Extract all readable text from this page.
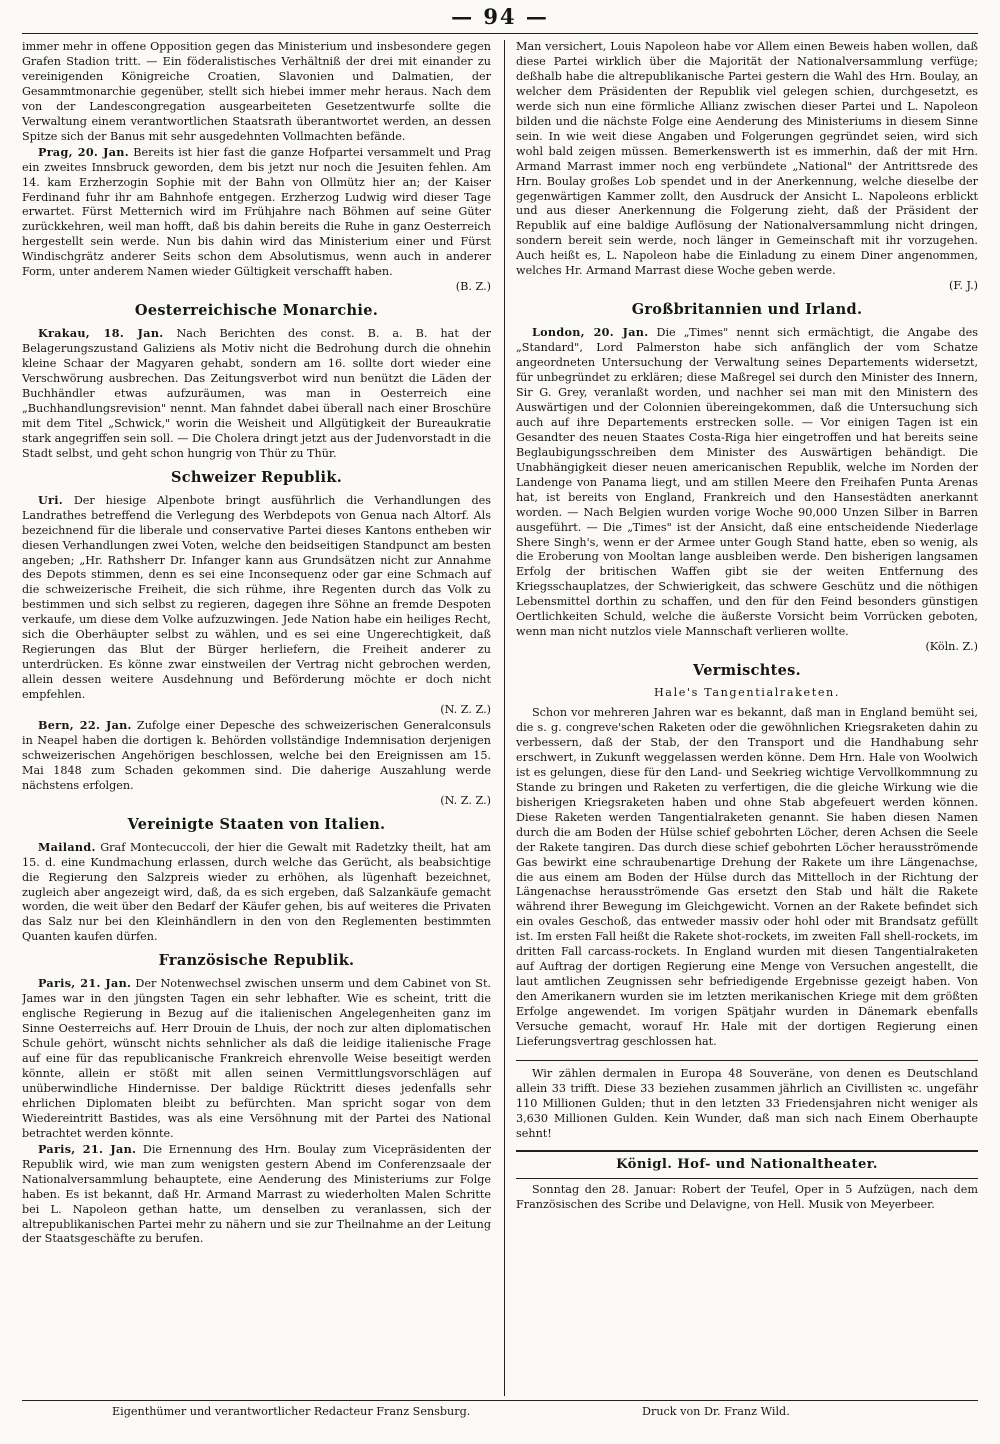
— 94 —

immer mehr in offene Opposition gegen das Ministerium und insbesondere gegen Grafen Stadion tritt. — Ein föderalistisches Verhältniß der drei mit einander zu vereinigenden Königreiche Croatien, Slavonien und Dalmatien, der Gesammtmonarchie gegenüber, stellt sich hiebei immer mehr heraus. Nach dem von der Landescongregation ausgearbeiteten Gesetzentwurfe sollte die Verwaltung einem verantwortlichen Staatsrath überantwortet werden, an dessen Spitze sich der Banus mit sehr ausgedehnten Vollmachten befände.

Prag, 20. Jan. Bereits ist hier fast die ganze Hofpartei versammelt und Prag ein zweites Innsbruck geworden, dem bis jetzt nur noch die Jesuiten fehlen. Am 14. kam Erzherzogin Sophie mit der Bahn von Ollmütz hier an; der Kaiser Ferdinand fuhr ihr am Bahnhofe entgegen. Erzherzog Ludwig wird dieser Tage erwartet. Fürst Metternich wird im Frühjahre nach Böhmen auf seine Güter zurückkehren, weil man hofft, daß bis dahin bereits die Ruhe in ganz Oesterreich hergestellt sein werde. Nun bis dahin wird das Ministerium einer und Fürst Windischgrätz anderer Seits schon dem Absolutismus, wenn auch in anderer Form, unter anderem Namen wieder Gültigkeit verschafft haben.
(B. Z.)

Oesterreichische Monarchie.

Krakau, 18. Jan. Nach Berichten des const. B. a. B. hat der Belagerungszustand Galiziens als Motiv nicht die Bedrohung durch die ohnehin kleine Schaar der Magyaren gehabt, sondern am 16. sollte dort wieder eine Verschwörung ausbrechen. Das Zeitungsverbot wird nun benützt die Läden der Buchhändler etwas aufzuräumen, was man in Oesterreich eine „Buchhandlungsrevision" nennt. Man fahndet dabei überall nach einer Broschüre mit dem Titel „Schwick," worin die Weisheit und Allgütigkeit der Bureaukratie stark angegriffen sein soll. — Die Cholera dringt jetzt aus der Judenvorstadt in die Stadt selbst, und geht schon hungrig von Thür zu Thür.

Schweizer Republik.

Uri. Der hiesige Alpenbote bringt ausführlich die Verhandlungen des Landrathes betreffend die Verlegung des Werbdepots von Genua nach Altorf. Als bezeichnend für die liberale und conservative Partei dieses Kantons entheben wir diesen Verhandlungen zwei Voten, welche den beidseitigen Standpunct am besten angeben; „Hr. Rathsherr Dr. Infanger kann aus Grundsätzen nicht zur Annahme des Depots stimmen, denn es sei eine Inconsequenz oder gar eine Schmach auf die schweizerische Freiheit, die sich rühme, ihre Regenten durch das Volk zu bestimmen und sich selbst zu regieren, dagegen ihre Söhne an fremde Despoten verkaufe, um diese dem Volke aufzuzwingen. Jede Nation habe ein heiliges Recht, sich die Oberhäupter selbst zu wählen, und es sei eine Ungerechtigkeit, daß Regierungen das Blut der Bürger herliefern, die Freiheit anderer zu unterdrücken. Es könne zwar einstweilen der Vertrag nicht gebrochen werden, allein dessen weitere Ausdehnung und Beförderung möchte er doch nicht empfehlen.
(N. Z. Z.)

Bern, 22. Jan. Zufolge einer Depesche des schweizerischen Generalconsuls in Neapel haben die dortigen k. Behörden vollständige Indemnisation derjenigen schweizerischen Angehörigen beschlossen, welche bei den Ereignissen am 15. Mai 1848 zum Schaden gekommen sind. Die daherige Auszahlung werde nächstens erfolgen.
(N. Z. Z.)

Vereinigte Staaten von Italien.

Mailand. Graf Montecuccoli, der hier die Gewalt mit Radetzky theilt, hat am 15. d. eine Kundmachung erlassen, durch welche das Gerücht, als beabsichtige die Regierung den Salzpreis wieder zu erhöhen, als lügenhaft bezeichnet, zugleich aber angezeigt wird, daß, da es sich ergeben, daß Salzankäufe gemacht worden, die weit über den Bedarf der Käufer gehen, bis auf weiteres die Privaten das Salz nur bei den Kleinhändlern in den von den Reglementen bestimmten Quanten kaufen dürfen.

Französische Republik.

Paris, 21. Jan. Der Notenwechsel zwischen unserm und dem Cabinet von St. James war in den jüngsten Tagen ein sehr lebhafter. Wie es scheint, tritt die englische Regierung in Bezug auf die italienischen Angelegenheiten ganz im Sinne Oesterreichs auf. Herr Drouin de Lhuis, der noch zur alten diplomatischen Schule gehört, wünscht nichts sehnlicher als daß die leidige italienische Frage auf eine für das republicanische Frankreich ehrenvolle Weise beseitigt werden könnte, allein er stößt mit allen seinen Vermittlungsvorschlägen auf unüberwindliche Hindernisse. Der baldige Rücktritt dieses jedenfalls sehr ehrlichen Diplomaten bleibt zu befürchten. Man spricht sogar von dem Wiedereintritt Bastides, was als eine Versöhnung mit der Partei des National betrachtet werden könnte.

Paris, 21. Jan. Die Ernennung des Hrn. Boulay zum Vicepräsidenten der Republik wird, wie man zum wenigsten gestern Abend im Conferenzsaale der Nationalversammlung behauptete, eine Aenderung des Ministeriums zur Folge haben. Es ist bekannt, daß Hr. Armand Marrast zu wiederholten Malen Schritte bei L. Napoleon gethan hatte, um denselben zu veranlassen, sich der altrepublikanischen Partei mehr zu nähern und sie zur Theilnahme an der Leitung der Staatsgeschäfte zu berufen.

Man versichert, Louis Napoleon habe vor Allem einen Beweis haben wollen, daß diese Partei wirklich über die Majorität der Nationalversammlung verfüge; deßhalb habe die altrepublikanische Partei gestern die Wahl des Hrn. Boulay, an welcher dem Präsidenten der Republik viel gelegen schien, durchgesetzt, es werde sich nun eine förmliche Allianz zwischen dieser Partei und L. Napoleon bilden und die nächste Folge eine Aenderung des Ministeriums in diesem Sinne sein. In wie weit diese Angaben und Folgerungen gegründet seien, wird sich wohl bald zeigen müssen. Bemerkenswerth ist es immerhin, daß der mit Hrn. Armand Marrast immer noch eng verbündete „National" der Antrittsrede des Hrn. Boulay großes Lob spendet und in der Anerkennung, welche dieselbe der gegenwärtigen Kammer zollt, den Ausdruck der Ansicht L. Napoleons erblickt und aus dieser Anerkennung die Folgerung zieht, daß der Präsident der Republik auf eine baldige Auflösung der Nationalversammlung nicht dringen, sondern bereit sein werde, noch länger in Gemeinschaft mit ihr vorzugehen. Auch heißt es, L. Napoleon habe die Einladung zu einem Diner angenommen, welches Hr. Armand Marrast diese Woche geben werde.
(F. J.)

Großbritannien und Irland.

London, 20. Jan. Die „Times" nennt sich ermächtigt, die Angabe des „Standard", Lord Palmerston habe sich anfänglich der vom Schatze angeordneten Untersuchung der Verwaltung seines Departements widersetzt, für unbegründet zu erklären; diese Maßregel sei durch den Minister des Innern, Sir G. Grey, veranlaßt worden, und nachher sei man mit den Ministern des Auswärtigen und der Colonnien übereingekommen, daß die Untersuchung sich auch auf ihre Departements erstrecken solle. — Vor einigen Tagen ist ein Gesandter des neuen Staates Costa-Riga hier eingetroffen und hat bereits seine Beglaubigungsschreiben dem Minister des Auswärtigen behändigt. Die Unabhängigkeit dieser neuen americanischen Republik, welche im Norden der Landenge von Panama liegt, und am stillen Meere den Freihafen Punta Arenas hat, ist bereits von England, Frankreich und den Hansestädten anerkannt worden. — Nach Belgien wurden vorige Woche 90,000 Unzen Silber in Barren ausgeführt. — Die „Times" ist der Ansicht, daß eine entscheidende Niederlage Shere Singh's, wenn er der Armee unter Gough Stand hatte, eben so wenig, als die Eroberung von Mooltan lange ausbleiben werde. Den bisherigen langsamen Erfolg der britischen Waffen gibt sie der weiten Entfernung des Kriegsschauplatzes, der Schwierigkeit, das schwere Geschütz und die nöthigen Lebensmittel dorthin zu schaffen, und den für den Feind besonders günstigen Oertlichkeiten Schuld, welche die äußerste Vorsicht beim Vorrücken geboten, wenn man nicht nutzlos viele Mannschaft verlieren wollte.
(Köln. Z.)

Vermischtes.
Hale's Tangentialraketen.

Schon vor mehreren Jahren war es bekannt, daß man in England bemüht sei, die s. g. congreve'schen Raketen oder die gewöhnlichen Kriegsraketen dahin zu verbessern, daß der Stab, der den Transport und die Handhabung sehr erschwert, in Zukunft weggelassen werden könne. Dem Hrn. Hale von Woolwich ist es gelungen, diese für den Land- und Seekrieg wichtige Vervollkommnung zu Stande zu bringen und Raketen zu verfertigen, die die gleiche Wirkung wie die bisherigen Kriegsraketen haben und ohne Stab abgefeuert werden können. Diese Raketen werden Tangentialraketen genannt. Sie haben diesen Namen durch die am Boden der Hülse schief gebohrten Löcher, deren Achsen die Seele der Rakete tangiren. Das durch diese schief gebohrten Löcher herausströmende Gas bewirkt eine schraubenartige Drehung der Rakete um ihre Längenachse, die aus einem am Boden der Hülse durch das Mittelloch in der Richtung der Längenachse herausströmende Gas ersetzt den Stab und hält die Rakete während ihrer Bewegung im Gleichgewicht. Vornen an der Rakete befindet sich ein ovales Geschoß, das entweder massiv oder hohl oder mit Brandsatz gefüllt ist. Im ersten Fall heißt die Rakete shot-rockets, im zweiten Fall shell-rockets, im dritten Fall carcass-rockets. In England wurden mit diesen Tangentialraketen auf Auftrag der dortigen Regierung eine Menge von Versuchen angestellt, die laut amtlichen Zeugnissen sehr befriedigende Ergebnisse gezeigt haben. Von den Amerikanern wurden sie im letzten merikanischen Kriege mit dem größten Erfolge angewendet. Im vorigen Spätjahr wurden in Dänemark ebenfalls Versuche gemacht, worauf Hr. Hale mit der dortigen Regierung einen Lieferungsvertrag geschlossen hat.

Wir zählen dermalen in Europa 48 Souveräne, von denen es Deutschland allein 33 trifft. Diese 33 beziehen zusammen jährlich an Civillisten ꝛc. ungefähr 110 Millionen Gulden; thut in den letzten 33 Friedensjahren nicht weniger als 3,630 Millionen Gulden. Kein Wunder, daß man sich nach Einem Oberhaupte sehnt!

Königl. Hof- und Nationaltheater.

Sonntag den 28. Januar: Robert der Teufel, Oper in 5 Aufzügen, nach dem Französischen des Scribe und Delavigne, von Hell. Musik von Meyerbeer.

Eigenthümer und verantwortlicher Redacteur Franz Sensburg.	Druck von Dr. Franz Wild.
